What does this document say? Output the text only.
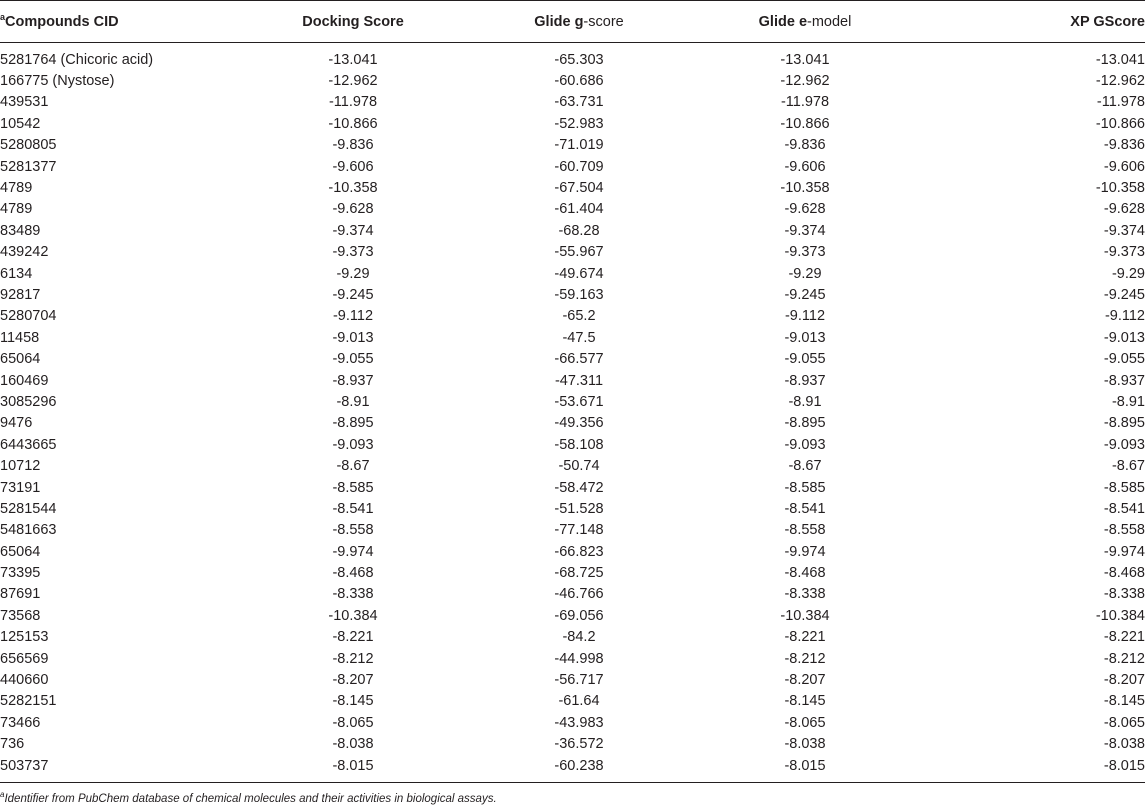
$^a$Compounds CID	Docking Score	Glide g-score	Glide e-model	XP GScore
5281764 (Chicoric acid)	-13.041	-65.303	-13.041	-13.041
166775 (Nystose)	-12.962	-60.686	-12.962	-12.962
439531	-11.978	-63.731	-11.978	-11.978
10542	-10.866	-52.983	-10.866	-10.866
5280805	-9.836	-71.019	-9.836	-9.836
5281377	-9.606	-60.709	-9.606	-9.606
4789	-10.358	-67.504	-10.358	-10.358
4789	-9.628	-61.404	-9.628	-9.628
83489	-9.374	-68.28	-9.374	-9.374
439242	-9.373	-55.967	-9.373	-9.373
6134	-9.29	-49.674	-9.29	-9.29
92817	-9.245	-59.163	-9.245	-9.245
5280704	-9.112	-65.2	-9.112	-9.112
11458	-9.013	-47.5	-9.013	-9.013
65064	-9.055	-66.577	-9.055	-9.055
160469	-8.937	-47.311	-8.937	-8.937
3085296	-8.91	-53.671	-8.91	-8.91
9476	-8.895	-49.356	-8.895	-8.895
6443665	-9.093	-58.108	-9.093	-9.093
10712	-8.67	-50.74	-8.67	-8.67
73191	-8.585	-58.472	-8.585	-8.585
5281544	-8.541	-51.528	-8.541	-8.541
5481663	-8.558	-77.148	-8.558	-8.558
65064	-9.974	-66.823	-9.974	-9.974
73395	-8.468	-68.725	-8.468	-8.468
87691	-8.338	-46.766	-8.338	-8.338
73568	-10.384	-69.056	-10.384	-10.384
125153	-8.221	-84.2	-8.221	-8.221
656569	-8.212	-44.998	-8.212	-8.212
440660	-8.207	-56.717	-8.207	-8.207
5282151	-8.145	-61.64	-8.145	-8.145
73466	-8.065	-43.983	-8.065	-8.065
736	-8.038	-36.572	-8.038	-8.038
503737	-8.015	-60.238	-8.015	-8.015
$^a$Identifier from PubChem database of chemical molecules and their activities in biological assays.
